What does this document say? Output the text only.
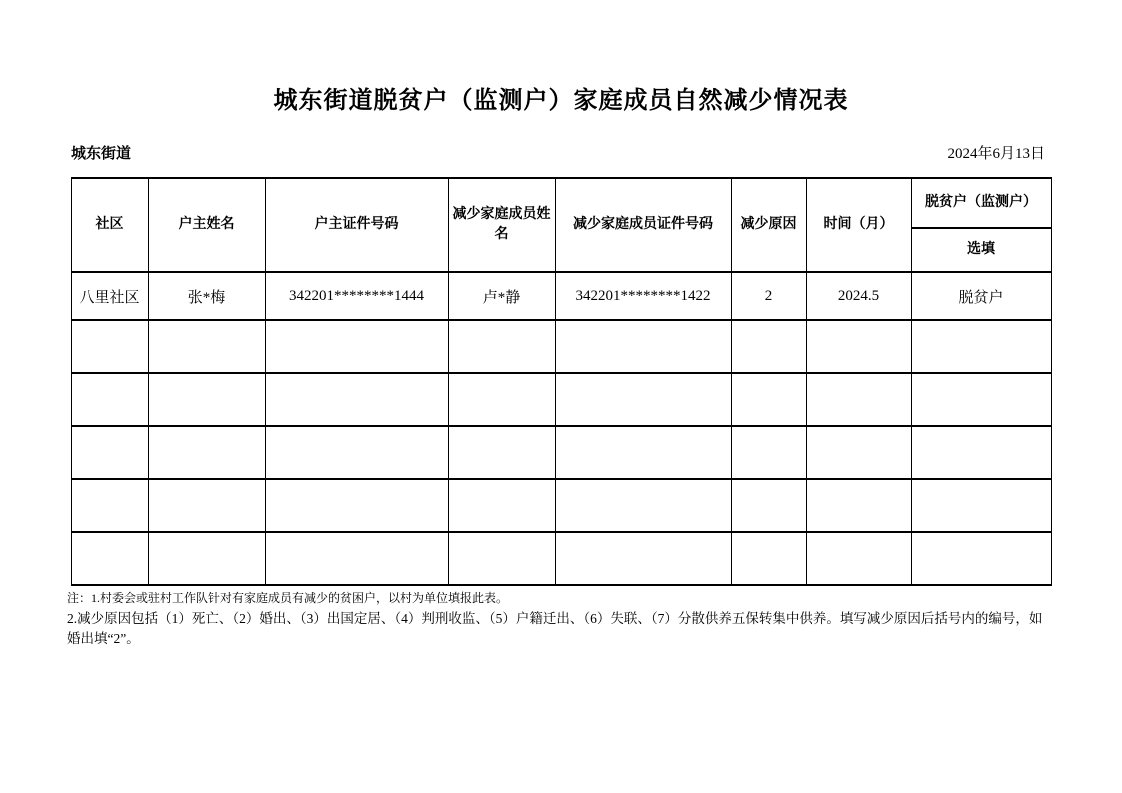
城东街道脱贫户（监测户）家庭成员自然减少情况表
城东街道	2024年6月13日
社区	户主姓名	户主证件号码	减少家庭成员姓名	减少家庭成员证件号码	减少原因	时间（月）	脱贫户（监测户）
							选填
八里社区	张*梅	342201********1444	卢*静	342201********1422	2	2024.5	脱贫户

注：1.村委会或驻村工作队针对有家庭成员有减少的贫困户，以村为单位填报此表。
2.减少原因包括（1）死亡、（2）婚出、（3）出国定居、（4）判刑收监、（5）户籍迁出、（6）失联、（7）分散供养五保转集中供养。填写减少原因后括号内的编号，如婚出填“2”。
